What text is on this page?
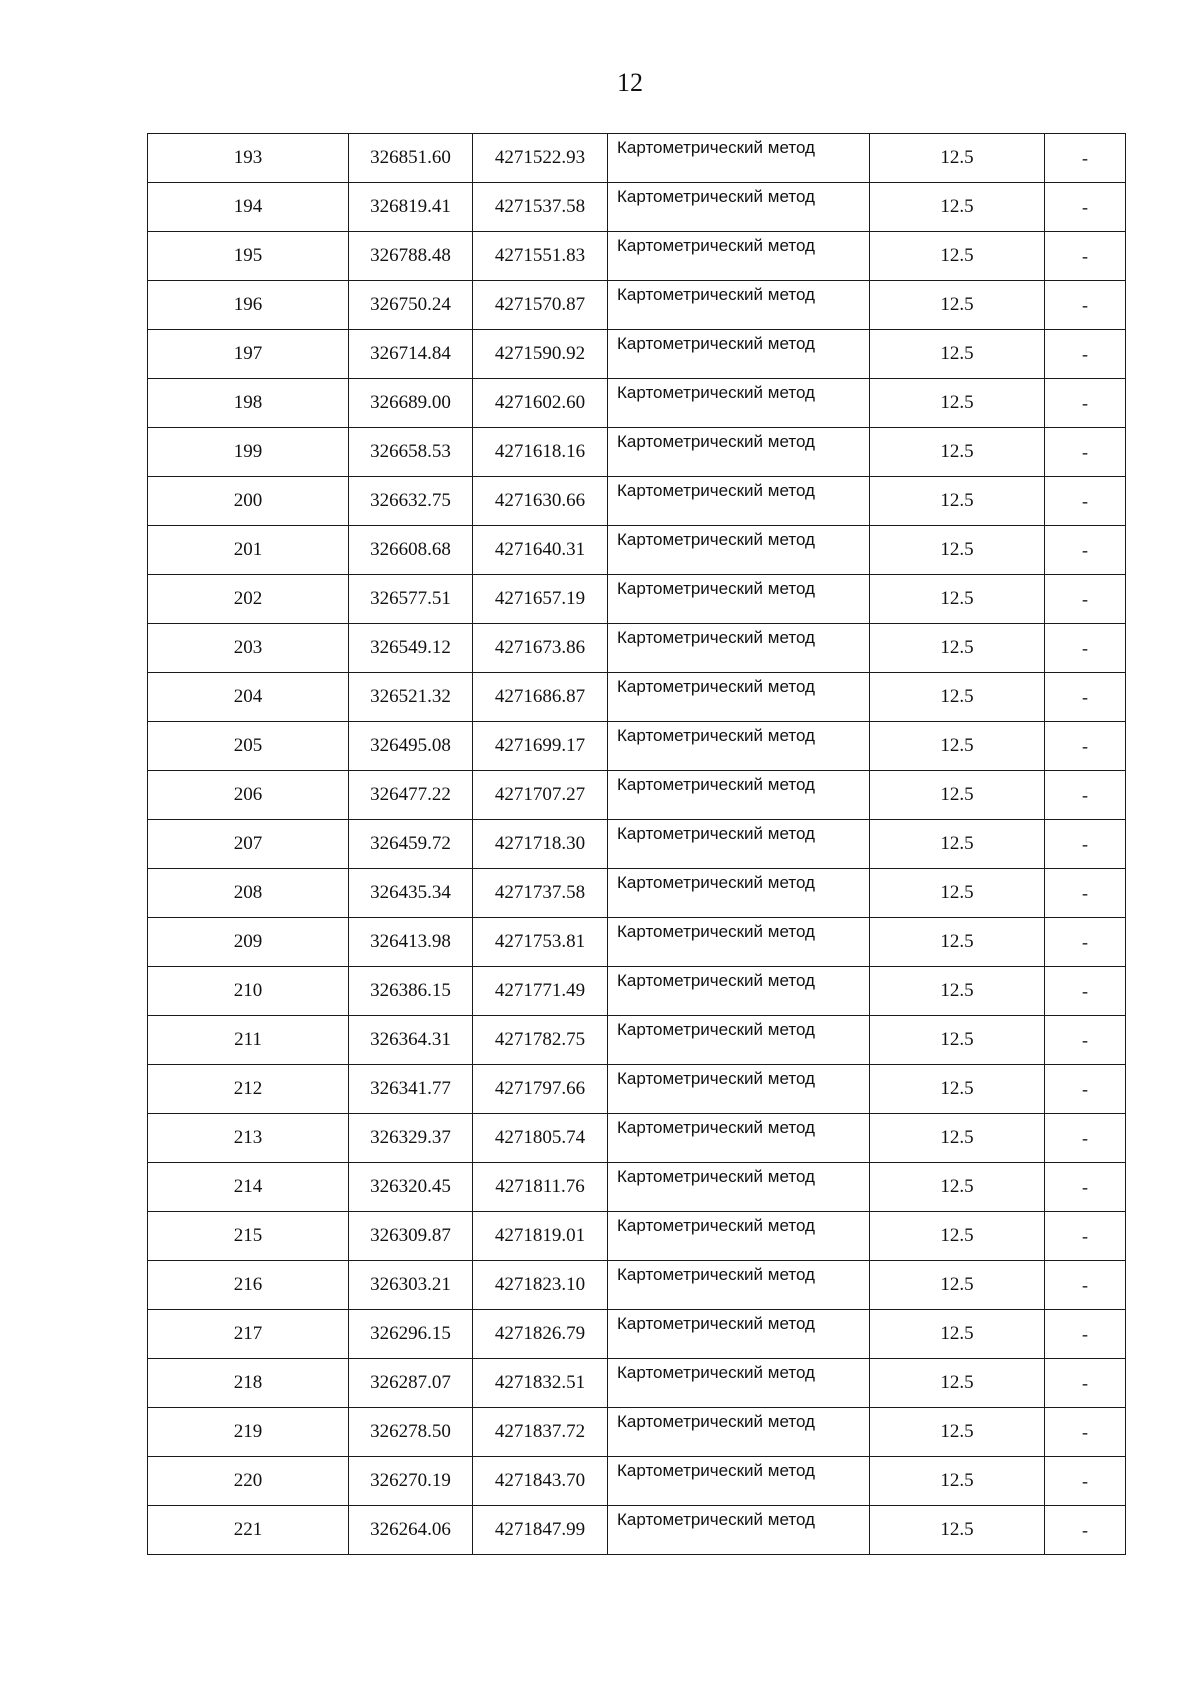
12
193	326851.60	4271522.93	Картометрический метод	12.5	-
194	326819.41	4271537.58	Картометрический метод	12.5	-
195	326788.48	4271551.83	Картометрический метод	12.5	-
196	326750.24	4271570.87	Картометрический метод	12.5	-
197	326714.84	4271590.92	Картометрический метод	12.5	-
198	326689.00	4271602.60	Картометрический метод	12.5	-
199	326658.53	4271618.16	Картометрический метод	12.5	-
200	326632.75	4271630.66	Картометрический метод	12.5	-
201	326608.68	4271640.31	Картометрический метод	12.5	-
202	326577.51	4271657.19	Картометрический метод	12.5	-
203	326549.12	4271673.86	Картометрический метод	12.5	-
204	326521.32	4271686.87	Картометрический метод	12.5	-
205	326495.08	4271699.17	Картометрический метод	12.5	-
206	326477.22	4271707.27	Картометрический метод	12.5	-
207	326459.72	4271718.30	Картометрический метод	12.5	-
208	326435.34	4271737.58	Картометрический метод	12.5	-
209	326413.98	4271753.81	Картометрический метод	12.5	-
210	326386.15	4271771.49	Картометрический метод	12.5	-
211	326364.31	4271782.75	Картометрический метод	12.5	-
212	326341.77	4271797.66	Картометрический метод	12.5	-
213	326329.37	4271805.74	Картометрический метод	12.5	-
214	326320.45	4271811.76	Картометрический метод	12.5	-
215	326309.87	4271819.01	Картометрический метод	12.5	-
216	326303.21	4271823.10	Картометрический метод	12.5	-
217	326296.15	4271826.79	Картометрический метод	12.5	-
218	326287.07	4271832.51	Картометрический метод	12.5	-
219	326278.50	4271837.72	Картометрический метод	12.5	-
220	326270.19	4271843.70	Картометрический метод	12.5	-
221	326264.06	4271847.99	Картометрический метод	12.5	-
